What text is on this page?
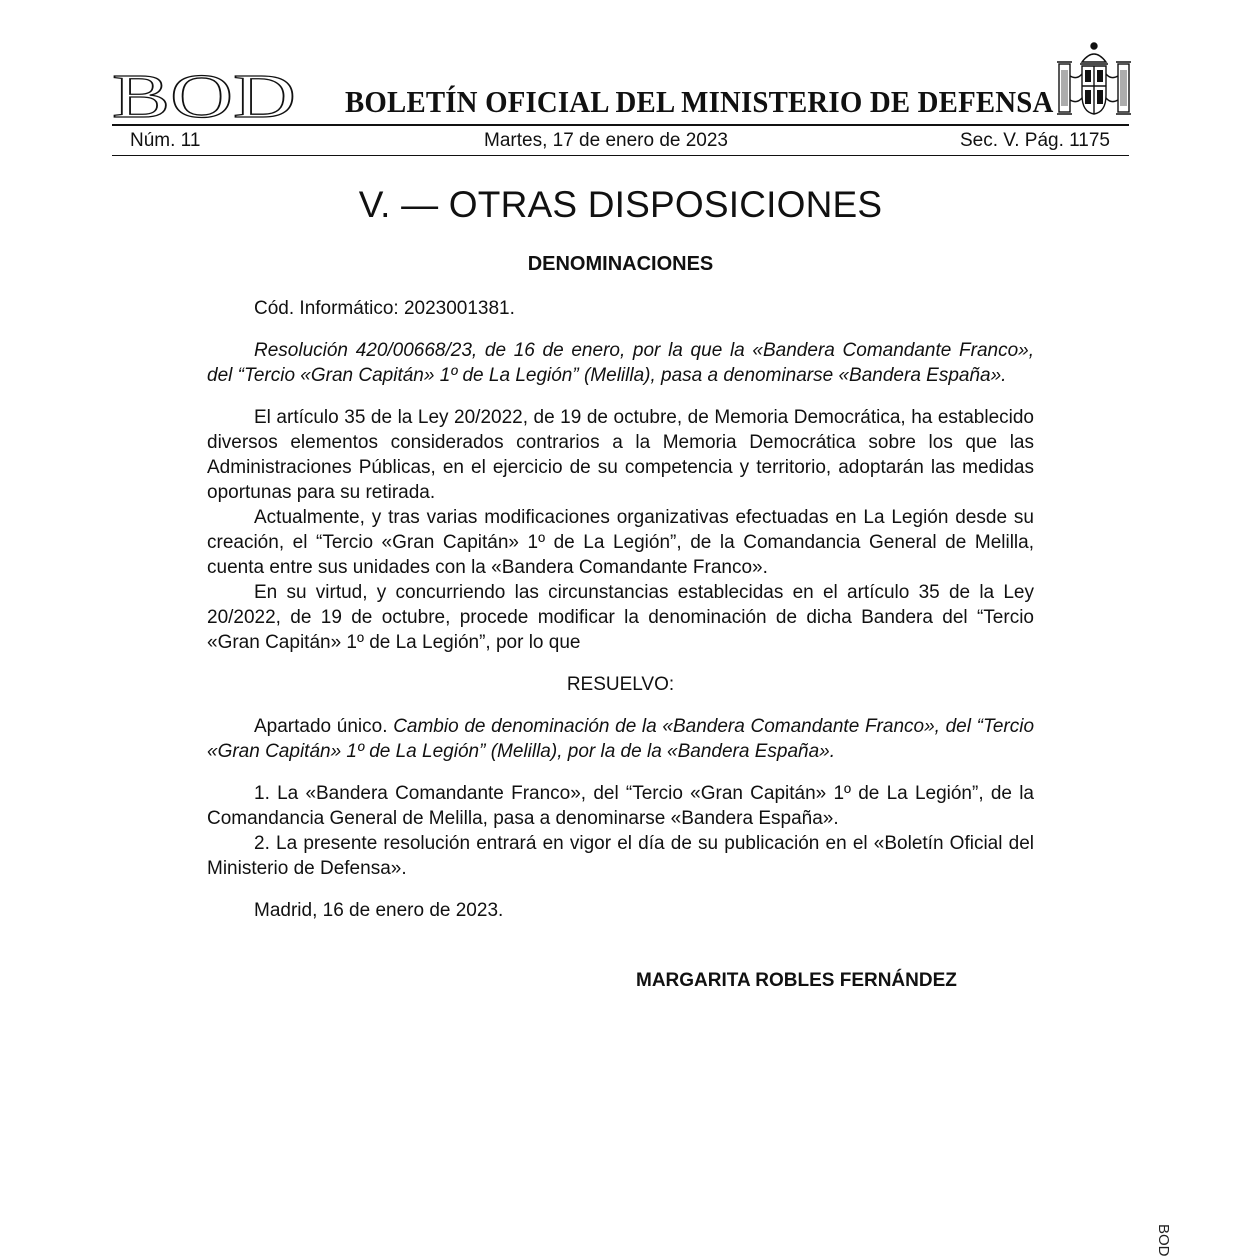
BOD BOLETÍN OFICIAL DEL MINISTERIO DE DEFENSA
Núm. 11	Martes, 17 de enero de 2023	Sec. V. Pág. 1175
V. — OTRAS DISPOSICIONES
DENOMINACIONES

Cód. Informático: 2023001381.

Resolución 420/00668/23, de 16 de enero, por la que la «Bandera Comandante Franco», del “Tercio «Gran Capitán» 1º de La Legión” (Melilla), pasa a denominarse «Bandera España».

El artículo 35 de la Ley 20/2022, de 19 de octubre, de Memoria Democrática, ha establecido diversos elementos considerados contrarios a la Memoria Democrática sobre los que las Administraciones Públicas, en el ejercicio de su competencia y territorio, adoptarán las medidas oportunas para su retirada.

Actualmente, y tras varias modificaciones organizativas efectuadas en La Legión desde su creación, el “Tercio «Gran Capitán» 1º de La Legión”, de la Comandancia General de Melilla, cuenta entre sus unidades con la «Bandera Comandante Franco».

En su virtud, y concurriendo las circunstancias establecidas en el artículo 35 de la Ley 20/2022, de 19 de octubre, procede modificar la denominación de dicha Bandera del “Tercio «Gran Capitán» 1º de La Legión”, por lo que

RESUELVO:

Apartado único. Cambio de denominación de la «Bandera Comandante Franco», del “Tercio «Gran Capitán» 1º de La Legión” (Melilla), por la de la «Bandera España».

1. La «Bandera Comandante Franco», del “Tercio «Gran Capitán» 1º de La Legión”, de la Comandancia General de Melilla, pasa a denominarse «Bandera España».

2. La presente resolución entrará en vigor el día de su publicación en el «Boletín Oficial del Ministerio de Defensa».

Madrid, 16 de enero de 2023.

MARGARITA ROBLES FERNÁNDEZ
BOD
